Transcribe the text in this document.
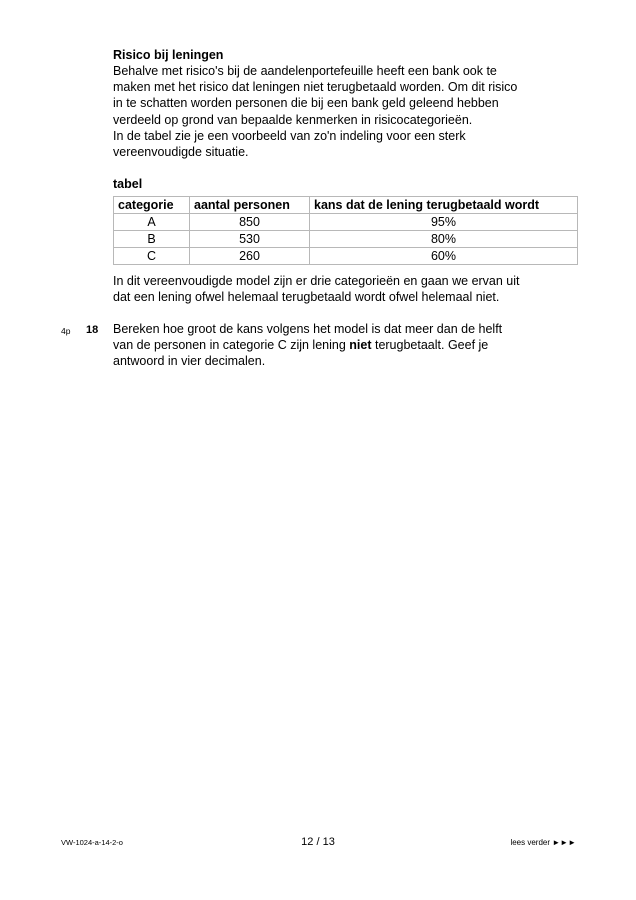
Risico bij leningen
Behalve met risico's bij de aandelenportefeuille heeft een bank ook te
maken met het risico dat leningen niet terugbetaald worden. Om dit risico
in te schatten worden personen die bij een bank geld geleend hebben
verdeeld op grond van bepaalde kenmerken in risicocategorieën.
In de tabel zie je een voorbeeld van zo'n indeling voor een sterk
vereenvoudigde situatie.
tabel
categorie	aantal personen	kans dat de lening terugbetaald wordt
A	850	95%
B	530	80%
C	260	60%
In dit vereenvoudigde model zijn er drie categorieën en gaan we ervan uit
dat een lening ofwel helemaal terugbetaald wordt ofwel helemaal niet.
4p 18 Bereken hoe groot de kans volgens het model is dat meer dan de helft
van de personen in categorie C zijn lening niet terugbetaalt. Geef je
antwoord in vier decimalen.
VW-1024-a-14-2-o	12 / 13	lees verder ►►►
